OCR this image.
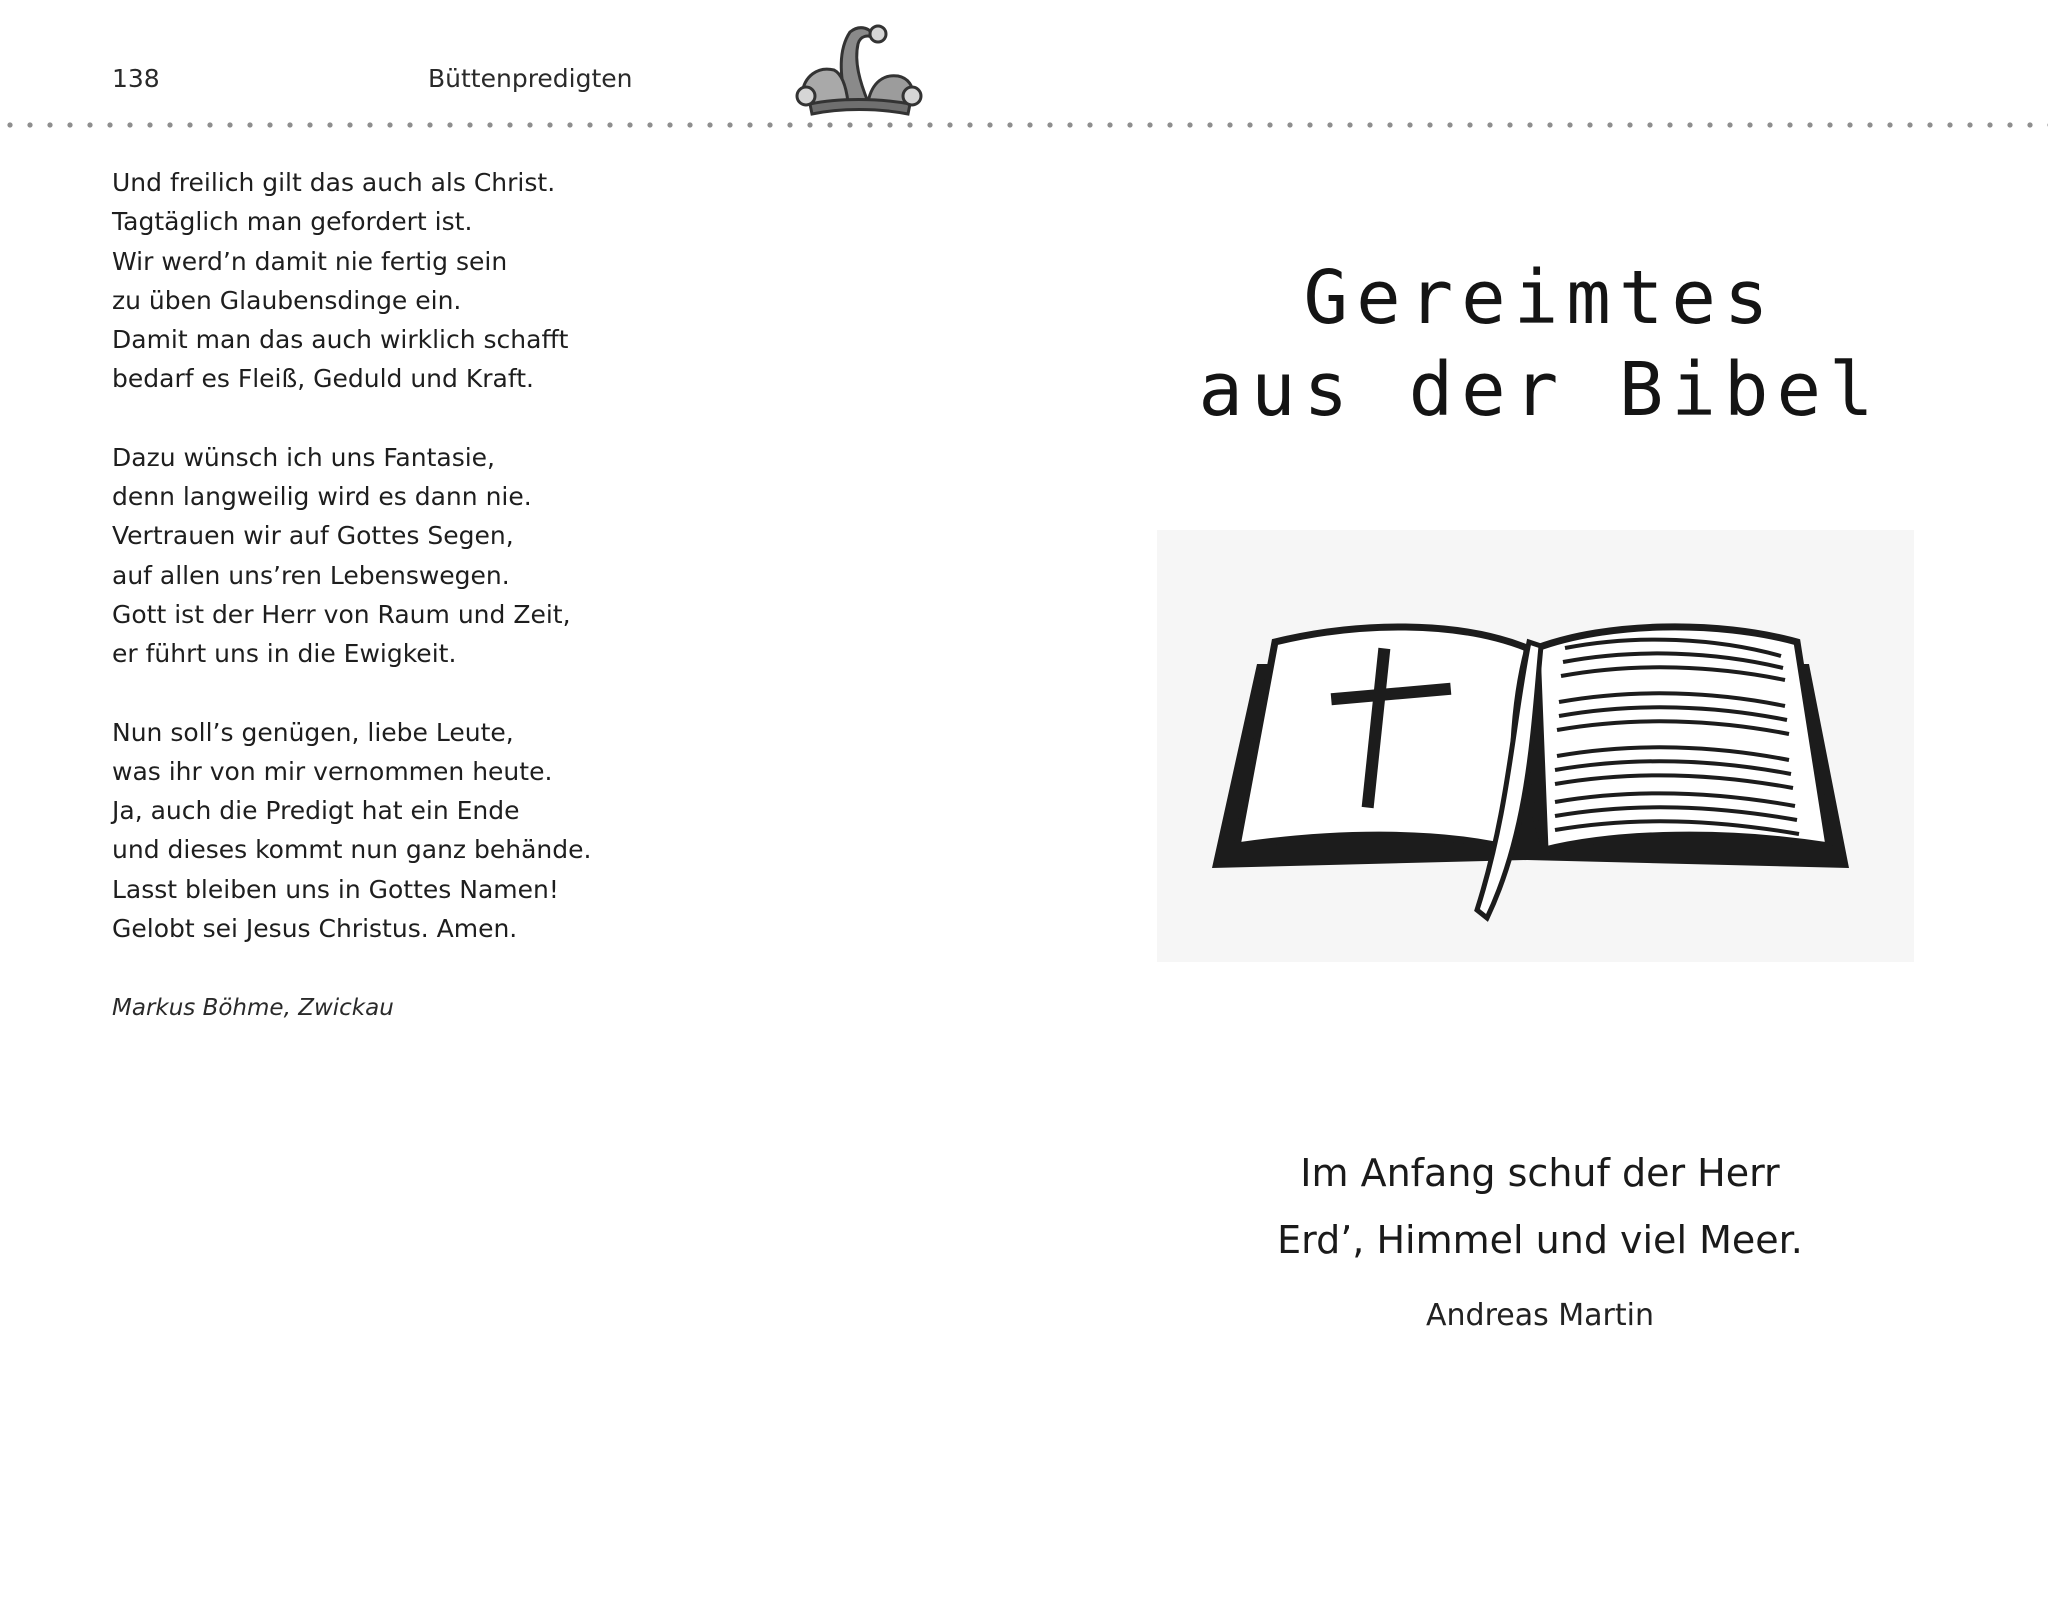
138	Büttenpredigten
Und freilich gilt das auch als Christ.
Tagtäglich man gefordert ist.
Wir werd’n damit nie fertig sein
zu üben Glaubensdinge ein.
Damit man das auch wirklich schafft
bedarf es Fleiß, Geduld und Kraft.
Dazu wünsch ich uns Fantasie,
denn langweilig wird es dann nie.
Vertrauen wir auf Gottes Segen,
auf allen uns’ren Lebenswegen.
Gott ist der Herr von Raum und Zeit,
er führt uns in die Ewigkeit.
Nun soll’s genügen, liebe Leute,
was ihr von mir vernommen heute.
Ja, auch die Predigt hat ein Ende
und dieses kommt nun ganz behände.
Lasst bleiben uns in Gottes Namen!
Gelobt sei Jesus Christus. Amen.
Markus Böhme, Zwickau
Gereimtes
aus der Bibel
Im Anfang schuf der Herr
Erd’, Himmel und viel Meer.
Andreas Martin
